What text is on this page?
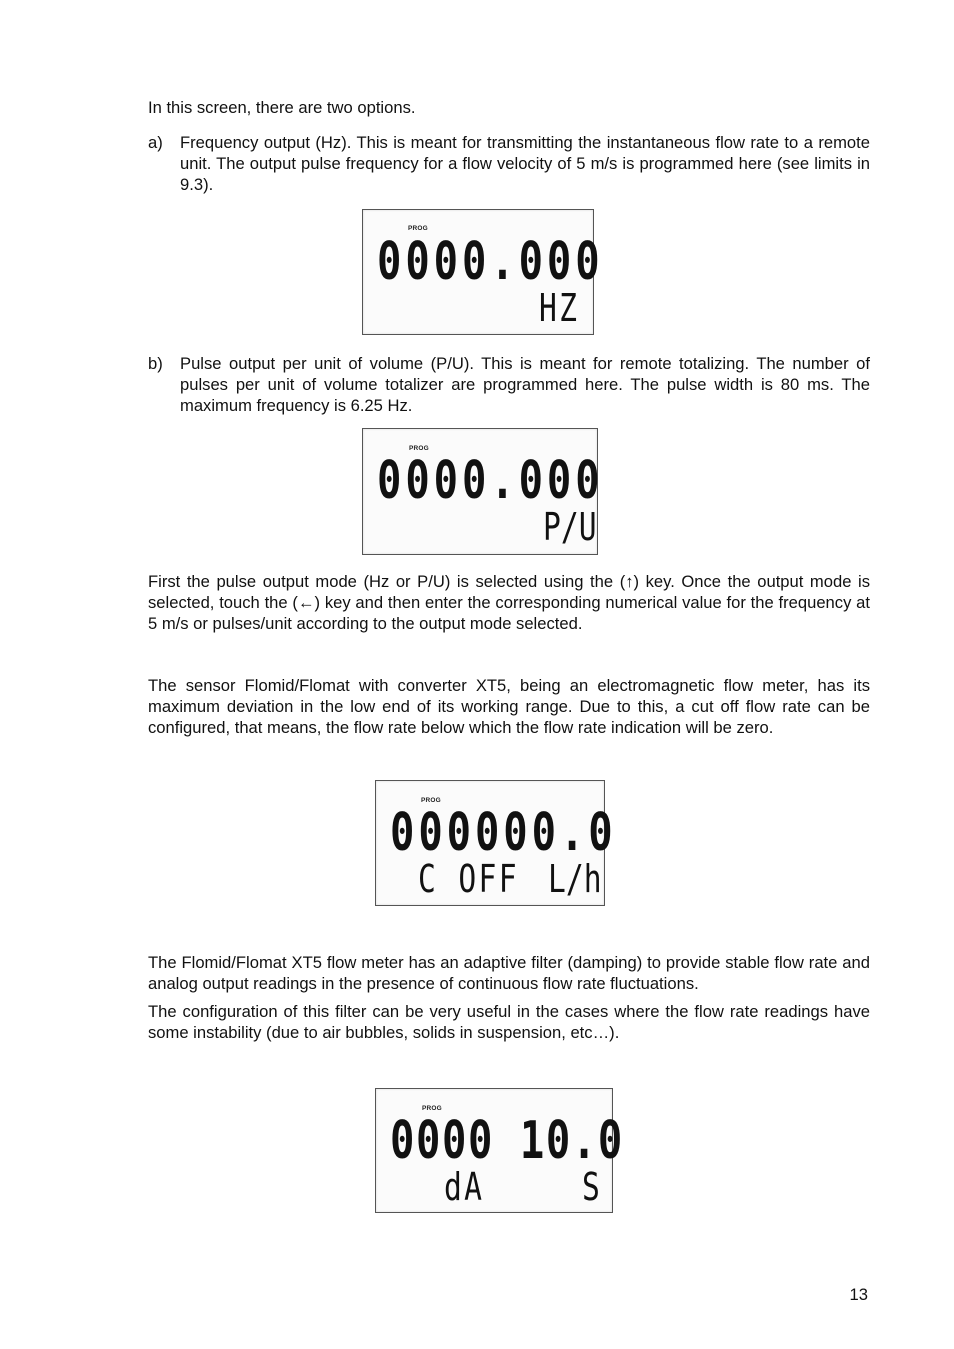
In this screen, there are two options.

a) Frequency output (Hz). This is meant for transmitting the instantaneous flow rate to a remote unit. The output pulse frequency for a flow velocity of 5 m/s is programmed here (see limits in 9.3).

PROG
0000.000
HZ
b) Pulse output per unit of volume (P/U). This is meant for remote totalizing. The number of pulses per unit of volume totalizer are programmed here. The pulse width is 80 ms. The maximum frequency is 6.25 Hz.

PROG
0000.000
P/U

First the pulse output mode (Hz or P/U) is selected using the (↑) key. Once the output mode is selected, touch the (←) key and then enter the corresponding numerical value for the frequency at 5 m/s or pulses/unit according to the output mode selected.

The sensor Flomid/Flomat with converter XT5, being an electromagnetic flow meter, has its maximum deviation in the low end of its working range. Due to this, a cut off flow rate can be configured, that means, the flow rate below which the flow rate indication will be zero.

PROG
000000.0
C OFF L/h

The Flomid/Flomat XT5 flow meter has an adaptive filter (damping) to provide stable flow rate and analog output readings in the presence of continuous flow rate fluctuations.

The configuration of this filter can be very useful in the cases where the flow rate readings have some instability (due to air bubbles, solids in suspension, etc…).

PROG
0000 10.0
dA	S
13
